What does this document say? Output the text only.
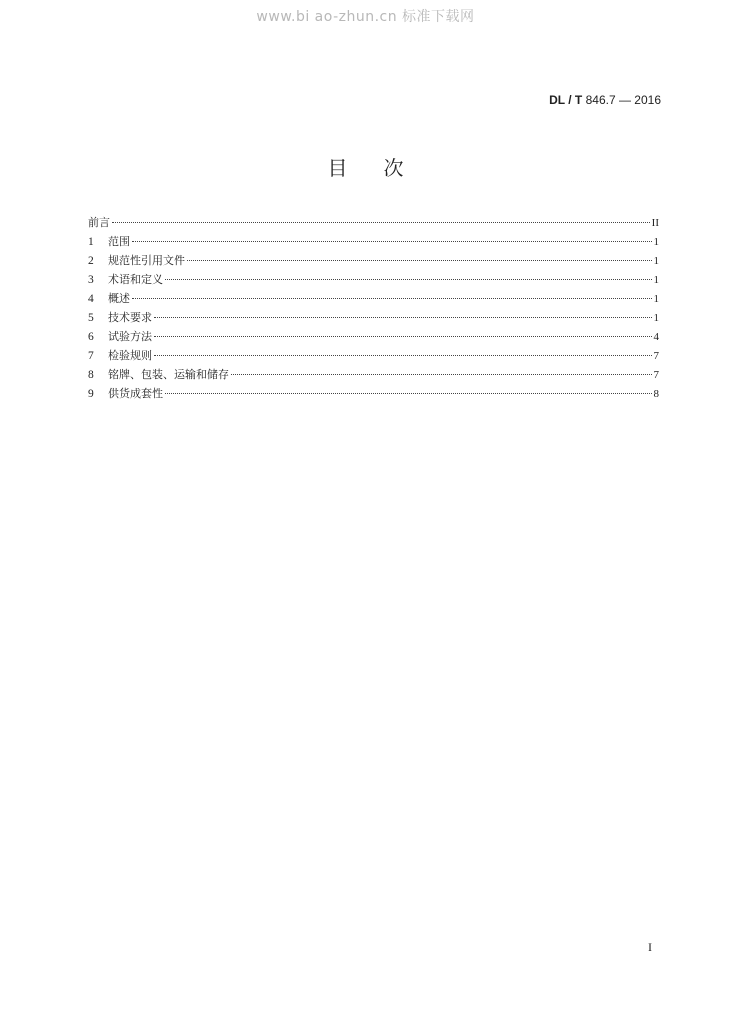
www.bi ao-zhun.cn 标准下载网
DL / T 846.7 — 2016
目次
前言	II
1	范围	1
2	规范性引用文件	1
3	术语和定义	1
4	概述	1
5	技术要求	1
6	试验方法	4
7	检验规则	7
8	铭牌、包装、运输和储存	7
9	供货成套性	8
I
